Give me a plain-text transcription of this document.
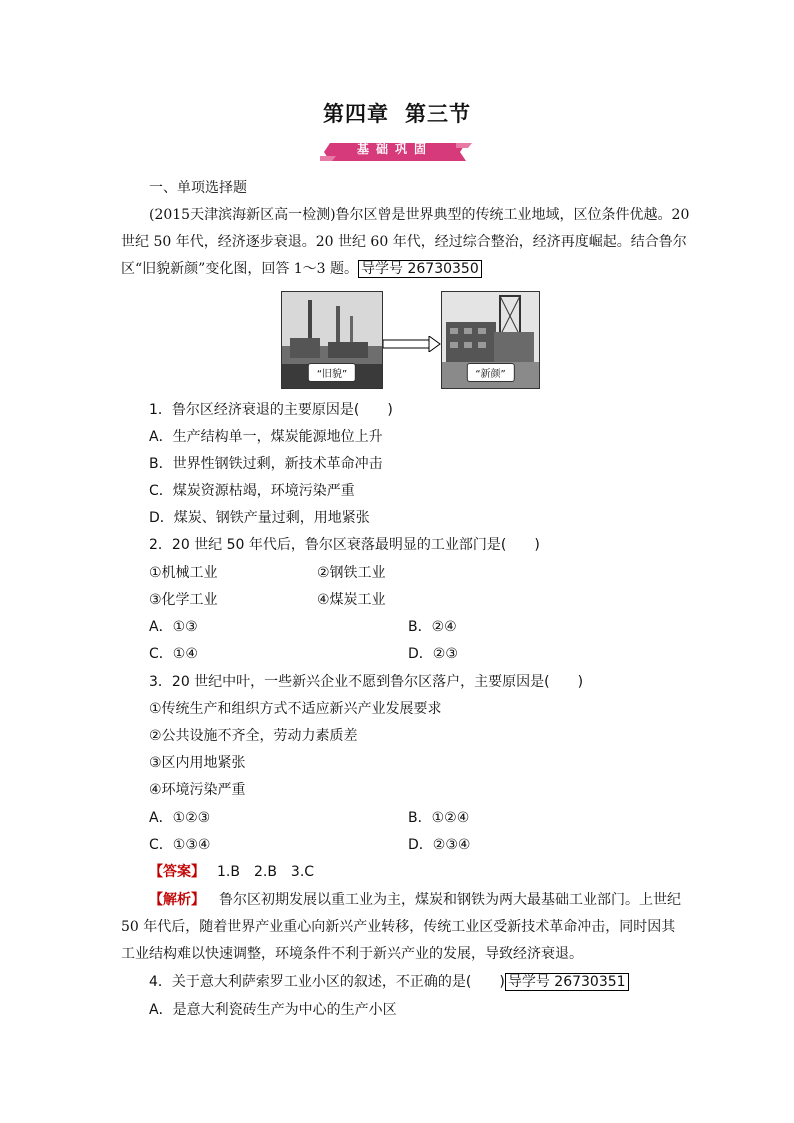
第四章 第三节
基础巩固
一、单项选择题
(2015天津滨海新区高一检测)鲁尔区曾是世界典型的传统工业地域，区位条件优越。20
世纪 50 年代，经济逐步衰退。20 世纪 60 年代，经过综合整治，经济再度崛起。结合鲁尔
区“旧貌新颜”变化图，回答 1～3 题。 导学号 26730350
“旧貌”	“新颜”
1．鲁尔区经济衰退的主要原因是(　　)
A．生产结构单一，煤炭能源地位上升
B．世界性钢铁过剩，新技术革命冲击
C．煤炭资源枯竭，环境污染严重
D．煤炭、钢铁产量过剩，用地紧张
2．20 世纪 50 年代后，鲁尔区衰落最明显的工业部门是(　　)
①机械工业	②钢铁工业
③化学工业	④煤炭工业
A．①③	B．②④
C．①④	D．②③
3．20 世纪中叶，一些新兴企业不愿到鲁尔区落户，主要原因是(　　)
①传统生产和组织方式不适应新兴产业发展要求
②公共设施不齐全，劳动力素质差
③区内用地紧张
④环境污染严重
A．①②③	B．①②④
C．①③④	D．②③④
【答案】 1.B　2.B　3.C
【解析】 鲁尔区初期发展以重工业为主，煤炭和钢铁为两大最基础工业部门。上世纪
50 年代后，随着世界产业重心向新兴产业转移，传统工业区受新技术革命冲击，同时因其
工业结构难以快速调整，环境条件不利于新兴产业的发展，导致经济衰退。
4．关于意大利萨索罗工业小区的叙述，不正确的是(　　) 导学号 26730351
A．是意大利瓷砖生产为中心的生产小区
